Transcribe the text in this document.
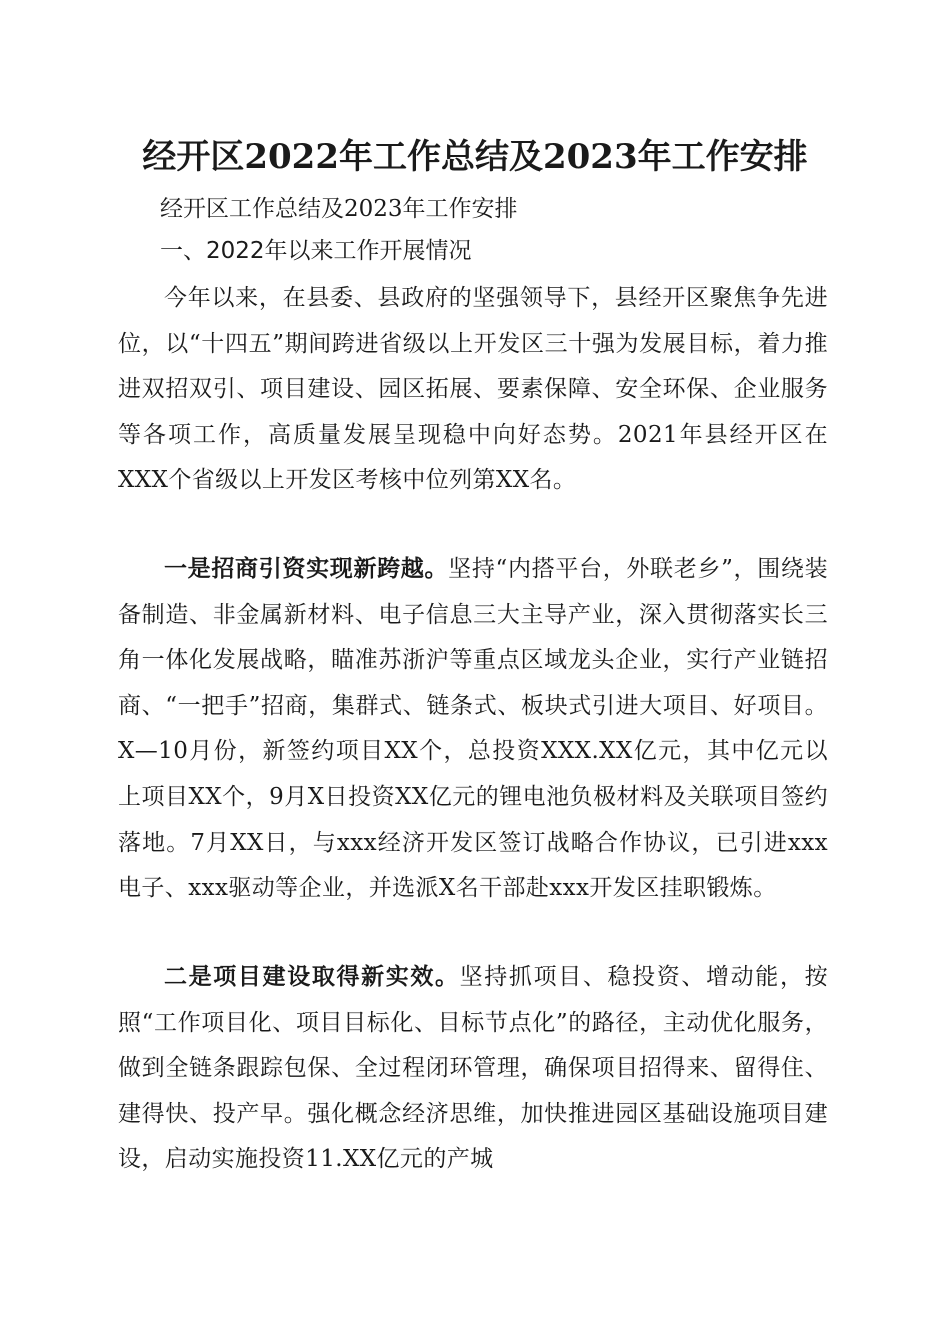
经开区2022年工作总结及2023年工作安排

经开区工作总结及2023年工作安排

一、2022年以来工作开展情况

今年以来，在县委、县政府的坚强领导下，县经开区聚焦争先进位，以“十四五”期间跨进省级以上开发区三十强为发展目标，着力推进双招双引、项目建设、园区拓展、要素保障、安全环保、企业服务等各项工作，高质量发展呈现稳中向好态势。2021年县经开区在XXX个省级以上开发区考核中位列第XX名。

一是招商引资实现新跨越。坚持“内搭平台，外联老乡”，围绕装备制造、非金属新材料、电子信息三大主导产业，深入贯彻落实长三角一体化发展战略，瞄准苏浙沪等重点区域龙头企业，实行产业链招商、“一把手”招商，集群式、链条式、板块式引进大项目、好项目。X—10月份，新签约项目XX个，总投资XXX.XX亿元，其中亿元以上项目XX个，9月X日投资XX亿元的锂电池负极材料及关联项目签约落地。7月XX日，与xxx经济开发区签订战略合作协议，已引进xxx电子、xxx驱动等企业，并选派X名干部赴xxx开发区挂职锻炼。

二是项目建设取得新实效。坚持抓项目、稳投资、增动能，按照“工作项目化、项目目标化、目标节点化”的路径，主动优化服务，做到全链条跟踪包保、全过程闭环管理，确保项目招得来、留得住、建得快、投产早。强化概念经济思维，加快推进园区基础设施项目建设，启动实施投资11.XX亿元的产城
